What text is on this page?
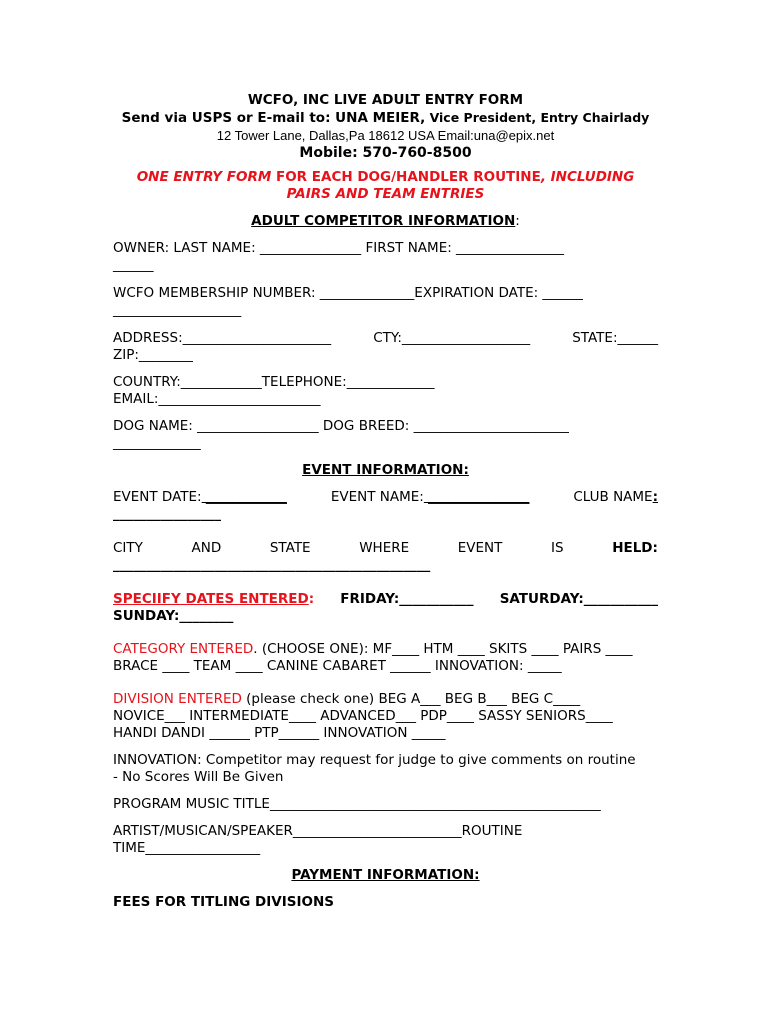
WCFO, INC LIVE ADULT ENTRY FORM
Send via USPS or E-mail to: UNA MEIER, Vice President, Entry Chairlady
12 Tower Lane, Dallas,Pa 18612 USA Email:una@epix.net
Mobile: 570-760-8500
ONE ENTRY FORM FOR EACH DOG/HANDLER ROUTINE, INCLUDING
PAIRS AND TEAM ENTRIES
ADULT COMPETITOR INFORMATION:

OWNER: LAST NAME: _______________ FIRST NAME: ________________

______

WCFO MEMBERSHIP NUMBER: ______________EXPIRATION DATE: ______

___________________

ADDRESS:______________________	CTY:___________________	STATE:______

ZIP:________

COUNTRY:____________TELEPHONE:_____________

EMAIL:________________________

DOG NAME: __________________ DOG BREED: _______________________

_____________

EVENT INFORMATION:

EVENT DATE: ____________	EVENT NAME: _______________	CLUB NAME:

________________

CITY	AND	STATE	WHERE	EVENT	IS	HELD:

_______________________________________________

SPECIIFY DATES ENTERED: FRIDAY:___________ SATURDAY:___________

SUNDAY:________

CATEGORY ENTERED. (CHOOSE ONE): MF____ HTM ____ SKITS ____ PAIRS ____

BRACE ____ TEAM ____ CANINE CABARET ______ INNOVATION: _____

DIVISION ENTERED (please check one) BEG A___ BEG B___ BEG C____

NOVICE___ INTERMEDIATE____ ADVANCED___ PDP____ SASSY SENIORS____

HANDI DANDI ______ PTP______ INNOVATION _____

INNOVATION: Competitor may request for judge to give comments on routine

- No Scores Will Be Given

PROGRAM MUSIC TITLE_________________________________________________

ARTIST/MUSICAN/SPEAKER_________________________ROUTINE

TIME_________________

PAYMENT INFORMATION:

FEES FOR TITLING DIVISIONS
